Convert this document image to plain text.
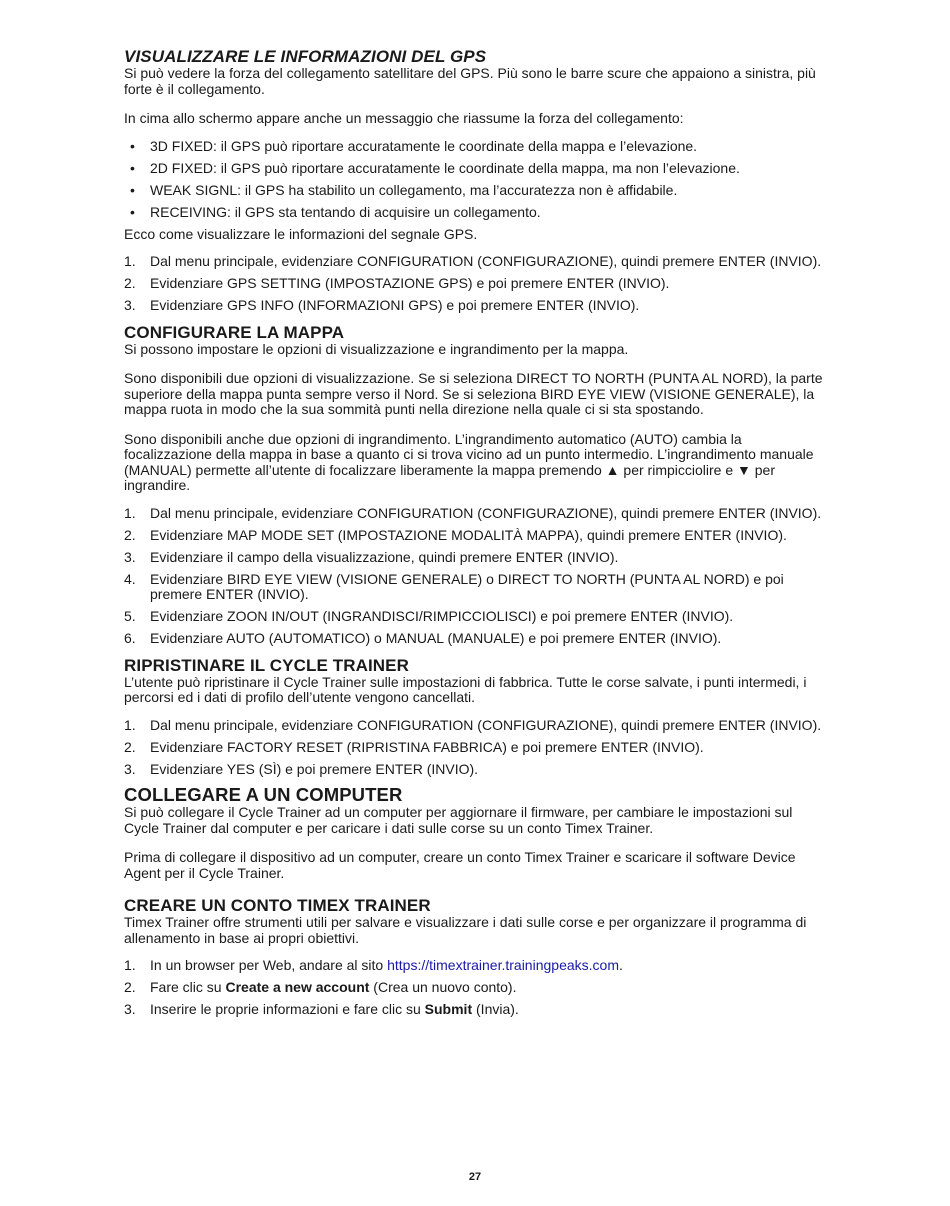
VISUALIZZARE LE INFORMAZIONI DEL GPS

Si può vedere la forza del collegamento satellitare del GPS. Più sono le barre scure che appaiono a sinistra, più forte è il collegamento.

In cima allo schermo appare anche un messaggio che riassume la forza del collegamento:

• 3D FIXED: il GPS può riportare accuratamente le coordinate della mappa e l’elevazione.
• 2D FIXED: il GPS può riportare accuratamente le coordinate della mappa, ma non l’elevazione.
• WEAK SIGNL: il GPS ha stabilito un collegamento, ma l’accuratezza non è affidabile.
• RECEIVING: il GPS sta tentando di acquisire un collegamento.

Ecco come visualizzare le informazioni del segnale GPS.

1. Dal menu principale, evidenziare CONFIGURATION (CONFIGURAZIONE), quindi premere ENTER (INVIO).
2. Evidenziare GPS SETTING (IMPOSTAZIONE GPS) e poi premere ENTER (INVIO).
3. Evidenziare GPS INFO (INFORMAZIONI GPS) e poi premere ENTER (INVIO).
CONFIGURARE LA MAPPA

Si possono impostare le opzioni di visualizzazione e ingrandimento per la mappa.

Sono disponibili due opzioni di visualizzazione. Se si seleziona DIRECT TO NORTH (PUNTA AL NORD), la parte superiore della mappa punta sempre verso il Nord. Se si seleziona BIRD EYE VIEW (VISIONE GENERALE), la mappa ruota in modo che la sua sommità punti nella direzione nella quale ci si sta spostando.

Sono disponibili anche due opzioni di ingrandimento. L’ingrandimento automatico (AUTO) cambia la focalizzazione della mappa in base a quanto ci si trova vicino ad un punto intermedio. L’ingrandimento manuale (MANUAL) permette all’utente di focalizzare liberamente la mappa premendo ▲ per rimpicciolire e ▼ per ingrandire.

1. Dal menu principale, evidenziare CONFIGURATION (CONFIGURAZIONE), quindi premere ENTER (INVIO).
2. Evidenziare MAP MODE SET (IMPOSTAZIONE MODALITÀ MAPPA), quindi premere ENTER (INVIO).
3. Evidenziare il campo della visualizzazione, quindi premere ENTER (INVIO).
4. Evidenziare BIRD EYE VIEW (VISIONE GENERALE) o DIRECT TO NORTH (PUNTA AL NORD) e poi premere ENTER (INVIO).
5. Evidenziare ZOON IN/OUT (INGRANDISCI/RIMPICCIOLISCI) e poi premere ENTER (INVIO).
6. Evidenziare AUTO (AUTOMATICO) o MANUAL (MANUALE) e poi premere ENTER (INVIO).
RIPRISTINARE IL CYCLE TRAINER

L’utente può ripristinare il Cycle Trainer sulle impostazioni di fabbrica. Tutte le corse salvate, i punti intermedi, i percorsi ed i dati di profilo dell’utente vengono cancellati.

1. Dal menu principale, evidenziare CONFIGURATION (CONFIGURAZIONE), quindi premere ENTER (INVIO).
2. Evidenziare FACTORY RESET (RIPRISTINA FABBRICA) e poi premere ENTER (INVIO).
3. Evidenziare YES (SÌ) e poi premere ENTER (INVIO).
COLLEGARE A UN COMPUTER

Si può collegare il Cycle Trainer ad un computer per aggiornare il firmware, per cambiare le impostazioni sul Cycle Trainer dal computer e per caricare i dati sulle corse su un conto Timex Trainer.

Prima di collegare il dispositivo ad un computer, creare un conto Timex Trainer e scaricare il software Device Agent per il Cycle Trainer.

CREARE UN CONTO TIMEX TRAINER

Timex Trainer offre strumenti utili per salvare e visualizzare i dati sulle corse e per organizzare il programma di allenamento in base ai propri obiettivi.

1. In un browser per Web, andare al sito https://timextrainer.trainingpeaks.com.
2. Fare clic su Create a new account (Crea un nuovo conto).
3. Inserire le proprie informazioni e fare clic su Submit (Invia).
27
